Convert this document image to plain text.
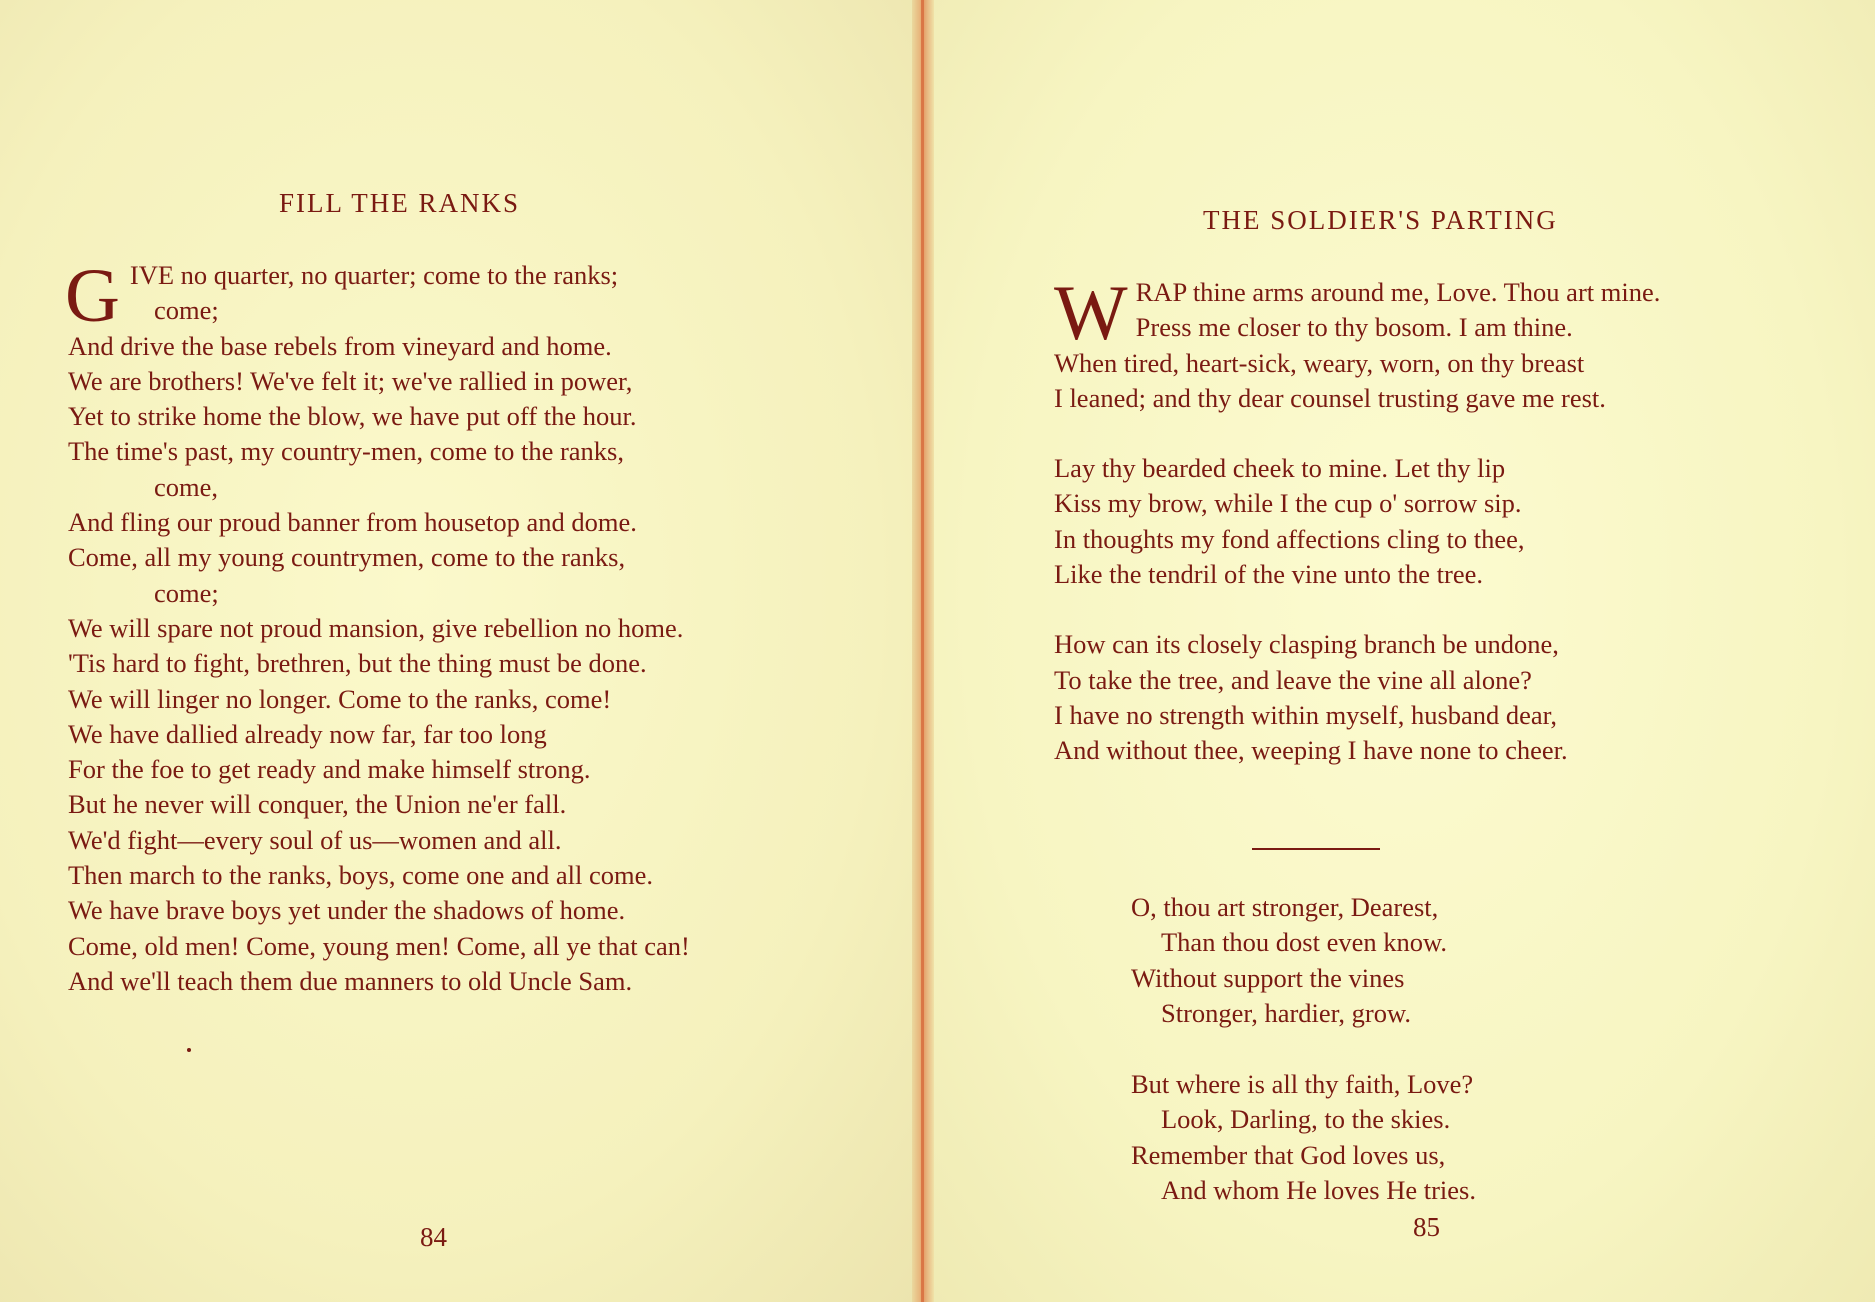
FILL THE RANKS
G IVE no quarter, no quarter; come to the ranks;
come;
And drive the base rebels from vineyard and home.
We are brothers! We've felt it; we've rallied in power,
Yet to strike home the blow, we have put off the hour.
The time's past, my country-men, come to the ranks,
come,
And fling our proud banner from housetop and dome.
Come, all my young countrymen, come to the ranks,
come;
We will spare not proud mansion, give rebellion no home.
'Tis hard to fight, brethren, but the thing must be done.
We will linger no longer. Come to the ranks, come!
We have dallied already now far, far too long
For the foe to get ready and make himself strong.
But he never will conquer, the Union ne'er fall.
We'd fight—every soul of us—women and all.
Then march to the ranks, boys, come one and all come.
We have brave boys yet under the shadows of home.
Come, old men! Come, young men! Come, all ye that can!
And we'll teach them due manners to old Uncle Sam.
84
THE SOLDIER'S PARTING
W RAP thine arms around me, Love. Thou art mine.
Press me closer to thy bosom. I am thine.
When tired, heart-sick, weary, worn, on thy breast
I leaned; and thy dear counsel trusting gave me rest.
Lay thy bearded cheek to mine. Let thy lip
Kiss my brow, while I the cup o' sorrow sip.
In thoughts my fond affections cling to thee,
Like the tendril of the vine unto the tree.
How can its closely clasping branch be undone,
To take the tree, and leave the vine all alone?
I have no strength within myself, husband dear,
And without thee, weeping I have none to cheer.
O, thou art stronger, Dearest,
Than thou dost even know.
Without support the vines
Stronger, hardier, grow.
But where is all thy faith, Love?
Look, Darling, to the skies.
Remember that God loves us,
And whom He loves He tries.
85
